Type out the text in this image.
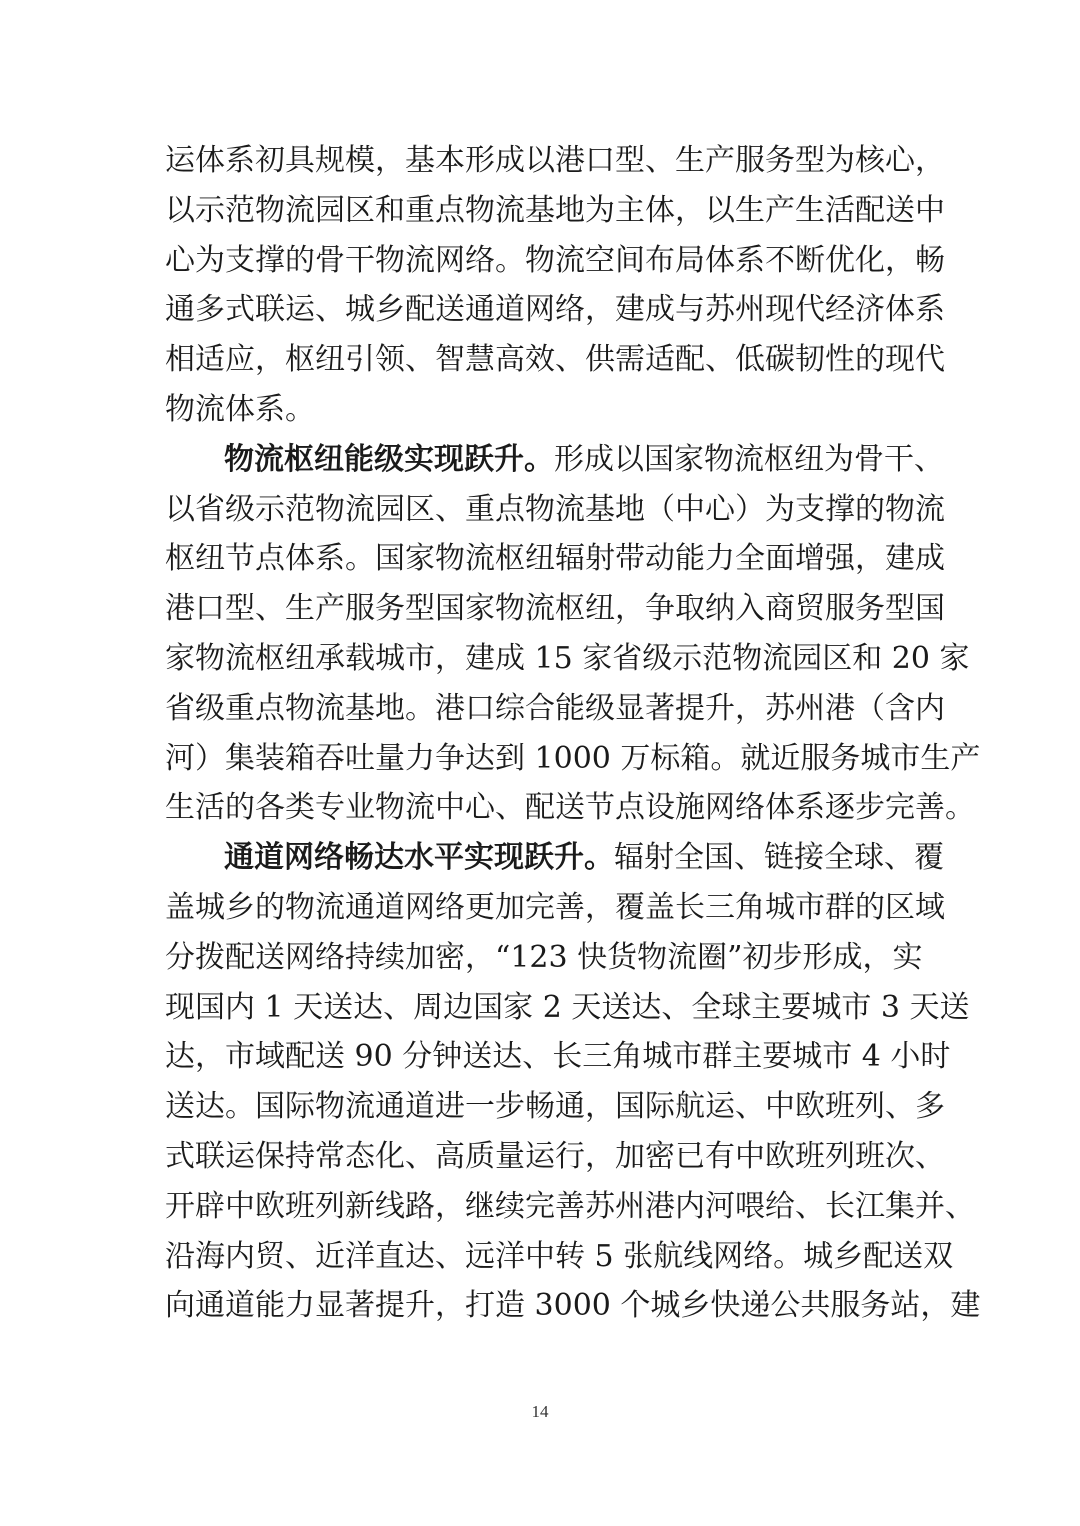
运体系初具规模，基本形成以港口型、生产服务型为核心，
以示范物流园区和重点物流基地为主体，以生产生活配送中
心为支撑的骨干物流网络。物流空间布局体系不断优化，畅
通多式联运、城乡配送通道网络，建成与苏州现代经济体系
相适应，枢纽引领、智慧高效、供需适配、低碳韧性的现代
物流体系。
物流枢纽能级实现跃升。形成以国家物流枢纽为骨干、
以省级示范物流园区、重点物流基地（中心）为支撑的物流
枢纽节点体系。国家物流枢纽辐射带动能力全面增强，建成
港口型、生产服务型国家物流枢纽，争取纳入商贸服务型国
家物流枢纽承载城市，建成 15 家省级示范物流园区和 20 家
省级重点物流基地。港口综合能级显著提升，苏州港（含内
河）集装箱吞吐量力争达到 1000 万标箱。就近服务城市生产
生活的各类专业物流中心、配送节点设施网络体系逐步完善。
通道网络畅达水平实现跃升。辐射全国、链接全球、覆
盖城乡的物流通道网络更加完善，覆盖长三角城市群的区域
分拨配送网络持续加密，“123 快货物流圈”初步形成，实
现国内 1 天送达、周边国家 2 天送达、全球主要城市 3 天送
达，市域配送 90 分钟送达、长三角城市群主要城市 4 小时
送达。国际物流通道进一步畅通，国际航运、中欧班列、多
式联运保持常态化、高质量运行，加密已有中欧班列班次、
开辟中欧班列新线路，继续完善苏州港内河喂给、长江集并、
沿海内贸、近洋直达、远洋中转 5 张航线网络。城乡配送双
向通道能力显著提升，打造 3000 个城乡快递公共服务站，建
14
